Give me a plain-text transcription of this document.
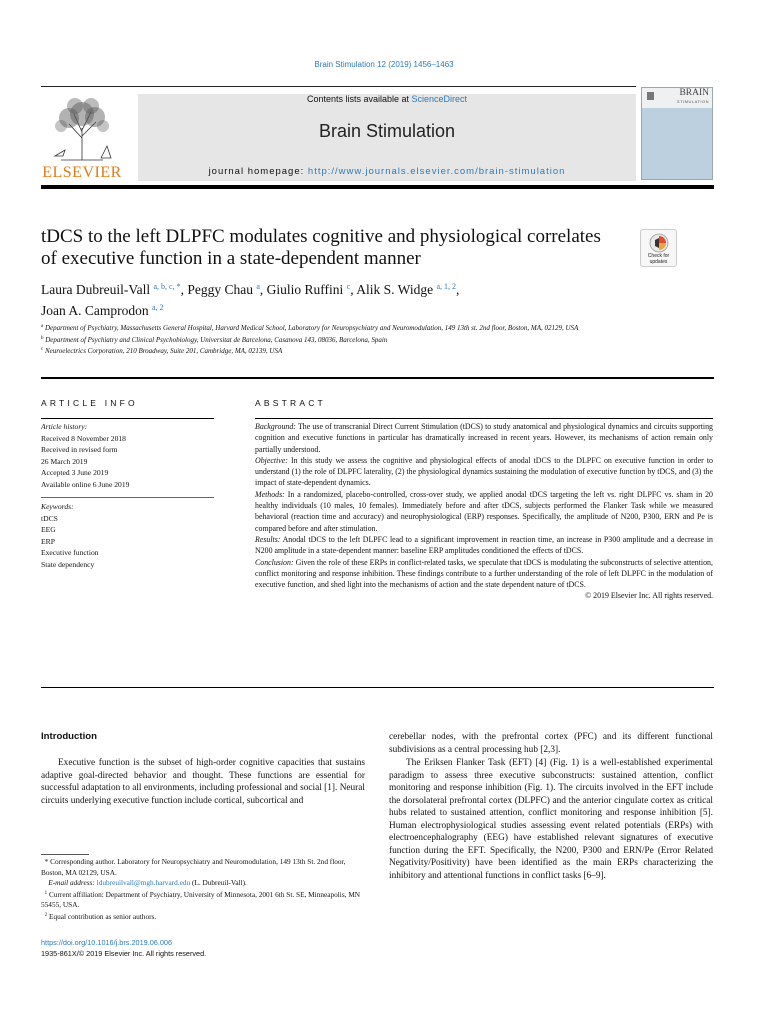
Brain Stimulation 12 (2019) 1456–1463
ELSEVIER
Contents lists available at ScienceDirect
Brain Stimulation
journal homepage: http://www.journals.elsevier.com/brain-stimulation
BRAIN
STIMULATION
tDCS to the left DLPFC modulates cognitive and physiological correlates of executive function in a state-dependent manner	Check for updates
Laura Dubreuil-Vall $^{a, b, c, *}$, Peggy Chau $^a$, Giulio Ruffini $^c$, Alik S. Widge $^{a, 1, 2}$,
Joan A. Camprodon $^{a, 2}$
$^a$ Department of Psychiatry, Massachusetts General Hospital, Harvard Medical School, Laboratory for Neuropsychiatry and Neuromodulation, 149 13th st. 2nd floor, Boston, MA, 02129, USA
$^b$ Department of Psychiatry and Clinical Psychobiology, Universitat de Barcelona, Casanova 143, 08036, Barcelona, Spain
$^c$ Neuroelectrics Corporation, 210 Broadway, Suite 201, Cambridge, MA, 02139, USA
ARTICLE INFO	ABSTRACT
Article history:
Received 8 November 2018
Received in revised form
26 March 2019
Accepted 3 June 2019
Available online 6 June 2019
Keywords:
tDCS
EEG
ERP
Executive function
State dependency

Background: The use of transcranial Direct Current Stimulation (tDCS) to study anatomical and physiological dynamics and circuits supporting cognition and executive functions in particular has dramatically increased in recent years. However, its mechanisms of action remain only partially understood.

Objective: In this study we assess the cognitive and physiological effects of anodal tDCS to the DLPFC on executive function in order to understand (1) the role of DLPFC laterality, (2) the physiological dynamics sustaining the modulation of executive function by tDCS, and (3) the impact of state-dependent dynamics.

Methods: In a randomized, placebo-controlled, cross-over study, we applied anodal tDCS targeting the left vs. right DLPFC vs. sham in 20 healthy individuals (10 males, 10 females). Immediately before and after tDCS, subjects performed the Flanker Task while we measured behavioral (reaction time and accuracy) and neurophysiological (ERP) responses. Specifically, the amplitude of N200, P300, ERN and Pe is compared before and after stimulation.

Results: Anodal tDCS to the left DLPFC lead to a significant improvement in reaction time, an increase in P300 amplitude and a decrease in N200 amplitude in a state-dependent manner: baseline ERP amplitudes conditioned the effects of tDCS.

Conclusion: Given the role of these ERPs in conflict-related tasks, we speculate that tDCS is modulating the subconstructs of selective attention, conflict monitoring and response inhibition. These findings contribute to a further understanding of the role of left DLPFC in the modulation of executive function, and shed light into the mechanisms of action and the state dependent nature of tDCS.

© 2019 Elsevier Inc. All rights reserved.

Introduction
Executive function is the subset of high-order cognitive capacities that sustains adaptive goal-directed behavior and thought. These functions are essential for successful adaptation to all environments, including professional and social [1]. Neural circuits underlying executive function include cortical, subcortical and
cerebellar nodes, with the prefrontal cortex (PFC) and its different functional subdivisions as a central processing hub [2,3].
The Eriksen Flanker Task (EFT) [4] (Fig. 1) is a well-established experimental paradigm to assess three executive subconstructs: sustained attention, conflict monitoring and response inhibition (Fig. 1). The circuits involved in the EFT include the dorsolateral prefrontal cortex (DLPFC) and the anterior cingulate cortex as critical hubs related to sustained attention, conflict monitoring and response inhibition [5]. Human electrophysiological studies assessing event related potentials (ERPs) with electroencephalography (EEG) have established relevant signatures of executive function during the EFT. Specifically, the N200, P300 and ERN/Pe (Error Related Negativity/Positivity) have been identified as the main ERPs characterizing the inhibitory and attentional functions in conflict tasks [6–9].
* Corresponding author. Laboratory for Neuropsychiatry and Neuromodulation, 149 13th St. 2nd floor, Boston, MA 02129, USA.
E-mail address: ldubreuilvall@mgh.harvard.edu (L. Dubreuil-Vall).
$^1$ Current affiliation: Department of Psychiatry, University of Minnesota, 2001 6th St. SE, Minneapolis, MN 55455, USA.
$^2$ Equal contribution as senior authors.
https://doi.org/10.1016/j.brs.2019.06.006
1935-861X/© 2019 Elsevier Inc. All rights reserved.
